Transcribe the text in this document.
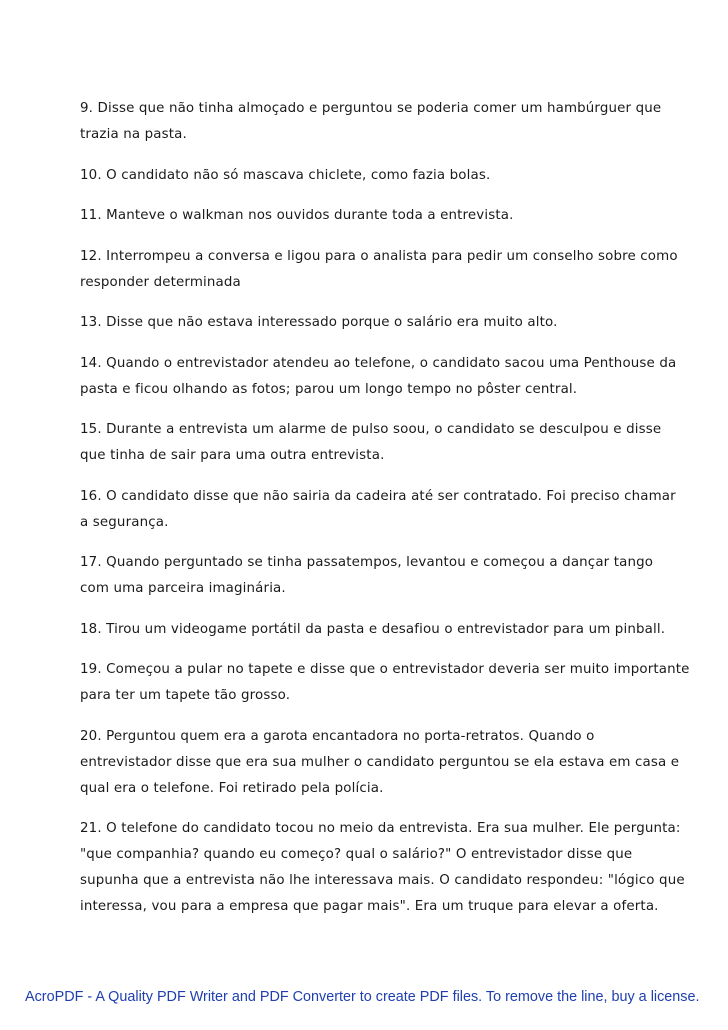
9. Disse que não tinha almoçado e perguntou se poderia comer um hambúrguer que
trazia na pasta.

10. O candidato não só mascava chiclete, como fazia bolas.

11. Manteve o walkman nos ouvidos durante toda a entrevista.

12. Interrompeu a conversa e ligou para o analista para pedir um conselho sobre como
responder determinada

13. Disse que não estava interessado porque o salário era muito alto.

14. Quando o entrevistador atendeu ao telefone, o candidato sacou uma Penthouse da
pasta e ficou olhando as fotos; parou um longo tempo no pôster central.

15. Durante a entrevista um alarme de pulso soou, o candidato se desculpou e disse
que tinha de sair para uma outra entrevista.

16. O candidato disse que não sairia da cadeira até ser contratado. Foi preciso chamar
a segurança.

17. Quando perguntado se tinha passatempos, levantou e começou a dançar tango
com uma parceira imaginária.

18. Tirou um videogame portátil da pasta e desafiou o entrevistador para um pinball.

19. Começou a pular no tapete e disse que o entrevistador deveria ser muito importante
para ter um tapete tão grosso.

20. Perguntou quem era a garota encantadora no porta-retratos. Quando o
entrevistador disse que era sua mulher o candidato perguntou se ela estava em casa e
qual era o telefone. Foi retirado pela polícia.

21. O telefone do candidato tocou no meio da entrevista. Era sua mulher. Ele pergunta:
"que companhia? quando eu começo? qual o salário?" O entrevistador disse que
supunha que a entrevista não lhe interessava mais. O candidato respondeu: "lógico que
interessa, vou para a empresa que pagar mais". Era um truque para elevar a oferta.

AcroPDF - A Quality PDF Writer and PDF Converter to create PDF files. To remove the line, buy a license.
